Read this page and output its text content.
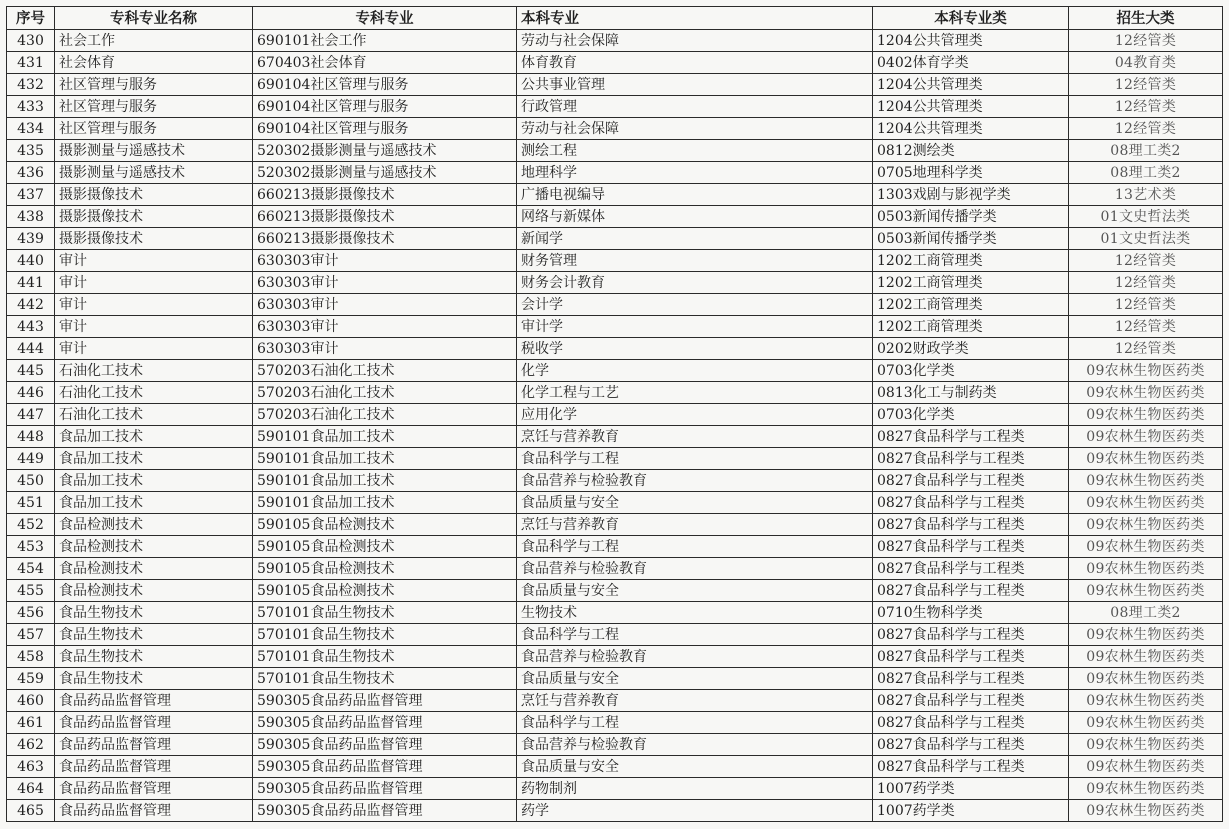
序号	专科专业名称	专科专业	本科专业	本科专业类	招生大类
430	社会工作	690101社会工作	劳动与社会保障	1204公共管理类	12经管类
431	社会体育	670403社会体育	体育教育	0402体育学类	04教育类
432	社区管理与服务	690104社区管理与服务	公共事业管理	1204公共管理类	12经管类
433	社区管理与服务	690104社区管理与服务	行政管理	1204公共管理类	12经管类
434	社区管理与服务	690104社区管理与服务	劳动与社会保障	1204公共管理类	12经管类
435	摄影测量与遥感技术	520302摄影测量与遥感技术	测绘工程	0812测绘类	08理工类2
436	摄影测量与遥感技术	520302摄影测量与遥感技术	地理科学	0705地理科学类	08理工类2
437	摄影摄像技术	660213摄影摄像技术	广播电视编导	1303戏剧与影视学类	13艺术类
438	摄影摄像技术	660213摄影摄像技术	网络与新媒体	0503新闻传播学类	01文史哲法类
439	摄影摄像技术	660213摄影摄像技术	新闻学	0503新闻传播学类	01文史哲法类
440	审计	630303审计	财务管理	1202工商管理类	12经管类
441	审计	630303审计	财务会计教育	1202工商管理类	12经管类
442	审计	630303审计	会计学	1202工商管理类	12经管类
443	审计	630303审计	审计学	1202工商管理类	12经管类
444	审计	630303审计	税收学	0202财政学类	12经管类
445	石油化工技术	570203石油化工技术	化学	0703化学类	09农林生物医药类
446	石油化工技术	570203石油化工技术	化学工程与工艺	0813化工与制药类	09农林生物医药类
447	石油化工技术	570203石油化工技术	应用化学	0703化学类	09农林生物医药类
448	食品加工技术	590101食品加工技术	烹饪与营养教育	0827食品科学与工程类	09农林生物医药类
449	食品加工技术	590101食品加工技术	食品科学与工程	0827食品科学与工程类	09农林生物医药类
450	食品加工技术	590101食品加工技术	食品营养与检验教育	0827食品科学与工程类	09农林生物医药类
451	食品加工技术	590101食品加工技术	食品质量与安全	0827食品科学与工程类	09农林生物医药类
452	食品检测技术	590105食品检测技术	烹饪与营养教育	0827食品科学与工程类	09农林生物医药类
453	食品检测技术	590105食品检测技术	食品科学与工程	0827食品科学与工程类	09农林生物医药类
454	食品检测技术	590105食品检测技术	食品营养与检验教育	0827食品科学与工程类	09农林生物医药类
455	食品检测技术	590105食品检测技术	食品质量与安全	0827食品科学与工程类	09农林生物医药类
456	食品生物技术	570101食品生物技术	生物技术	0710生物科学类	08理工类2
457	食品生物技术	570101食品生物技术	食品科学与工程	0827食品科学与工程类	09农林生物医药类
458	食品生物技术	570101食品生物技术	食品营养与检验教育	0827食品科学与工程类	09农林生物医药类
459	食品生物技术	570101食品生物技术	食品质量与安全	0827食品科学与工程类	09农林生物医药类
460	食品药品监督管理	590305食品药品监督管理	烹饪与营养教育	0827食品科学与工程类	09农林生物医药类
461	食品药品监督管理	590305食品药品监督管理	食品科学与工程	0827食品科学与工程类	09农林生物医药类
462	食品药品监督管理	590305食品药品监督管理	食品营养与检验教育	0827食品科学与工程类	09农林生物医药类
463	食品药品监督管理	590305食品药品监督管理	食品质量与安全	0827食品科学与工程类	09农林生物医药类
464	食品药品监督管理	590305食品药品监督管理	药物制剂	1007药学类	09农林生物医药类
465	食品药品监督管理	590305食品药品监督管理	药学	1007药学类	09农林生物医药类
